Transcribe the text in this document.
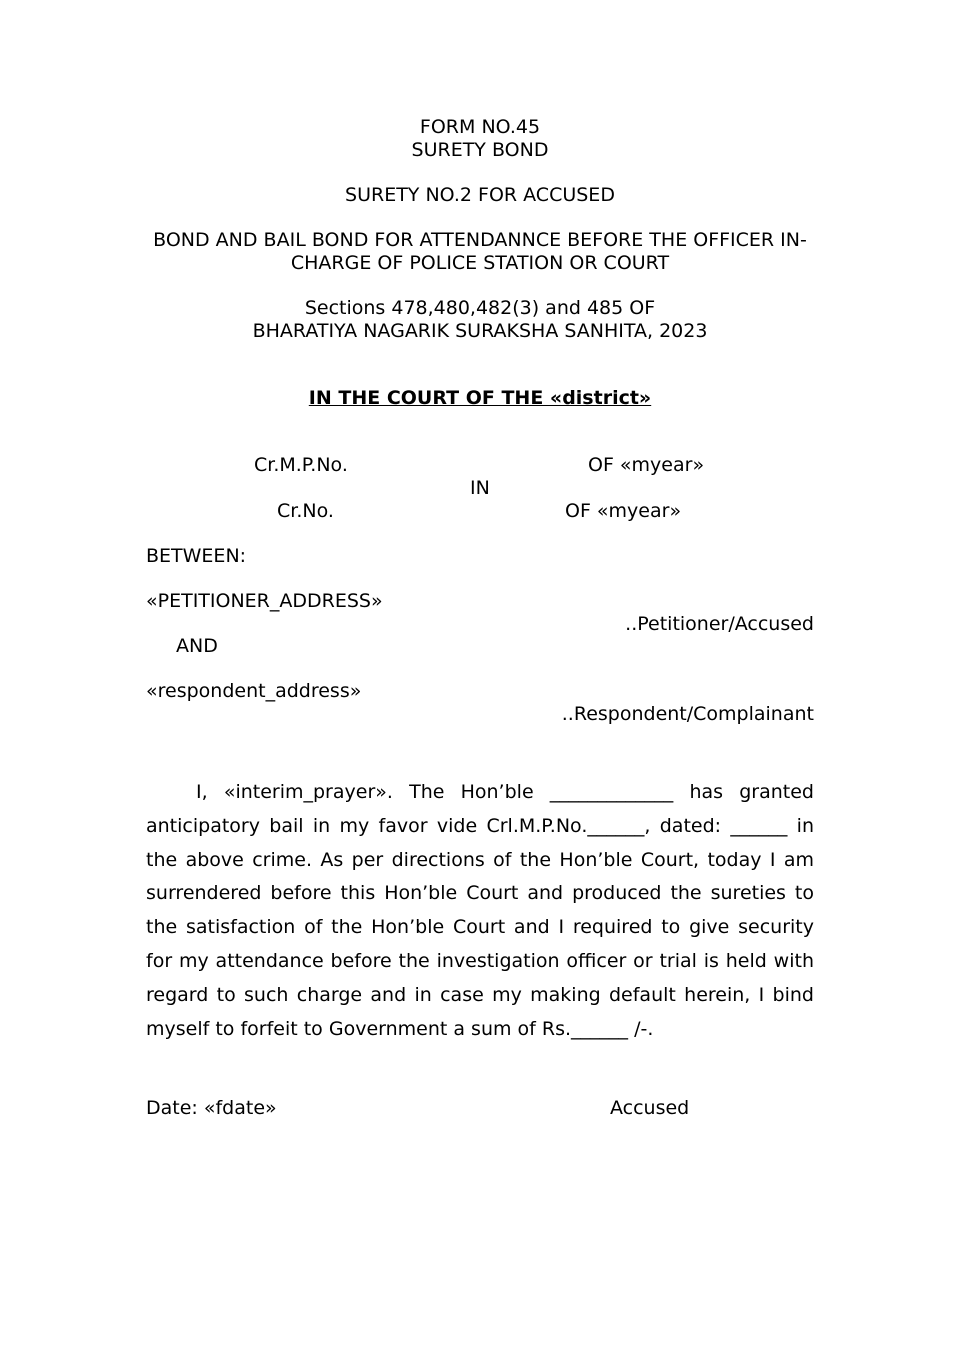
FORM NO.45
SURETY BOND
SURETY NO.2 FOR ACCUSED
BOND AND BAIL BOND FOR ATTENDANNCE BEFORE THE OFFICER IN-
CHARGE OF POLICE STATION OR COURT
Sections 478,480,482(3) and 485 OF
BHARATIYA NAGARIK SURAKSHA SANHITA, 2023
IN THE COURT OF THE «district»
Cr.M.P.No.	OF «myear»
IN
Cr.No.	OF «myear»
BETWEEN:
«PETITIONER_ADDRESS»
..Petitioner/Accused
AND
«respondent_address»
..Respondent/Complainant
I, «interim_prayer». The Hon’ble _____________ has granted anticipatory bail in my favor vide Crl.M.P.No.______, dated: ______ in the above crime. As per directions of the Hon’ble Court, today I am surrendered before this Hon’ble Court and produced the sureties to the satisfaction of the Hon’ble Court and I required to give security for my attendance before the investigation officer or trial is held with regard to such charge and in case my making default herein, I bind myself to forfeit to Government a sum of Rs.______ /-.
Date: «fdate»	Accused
